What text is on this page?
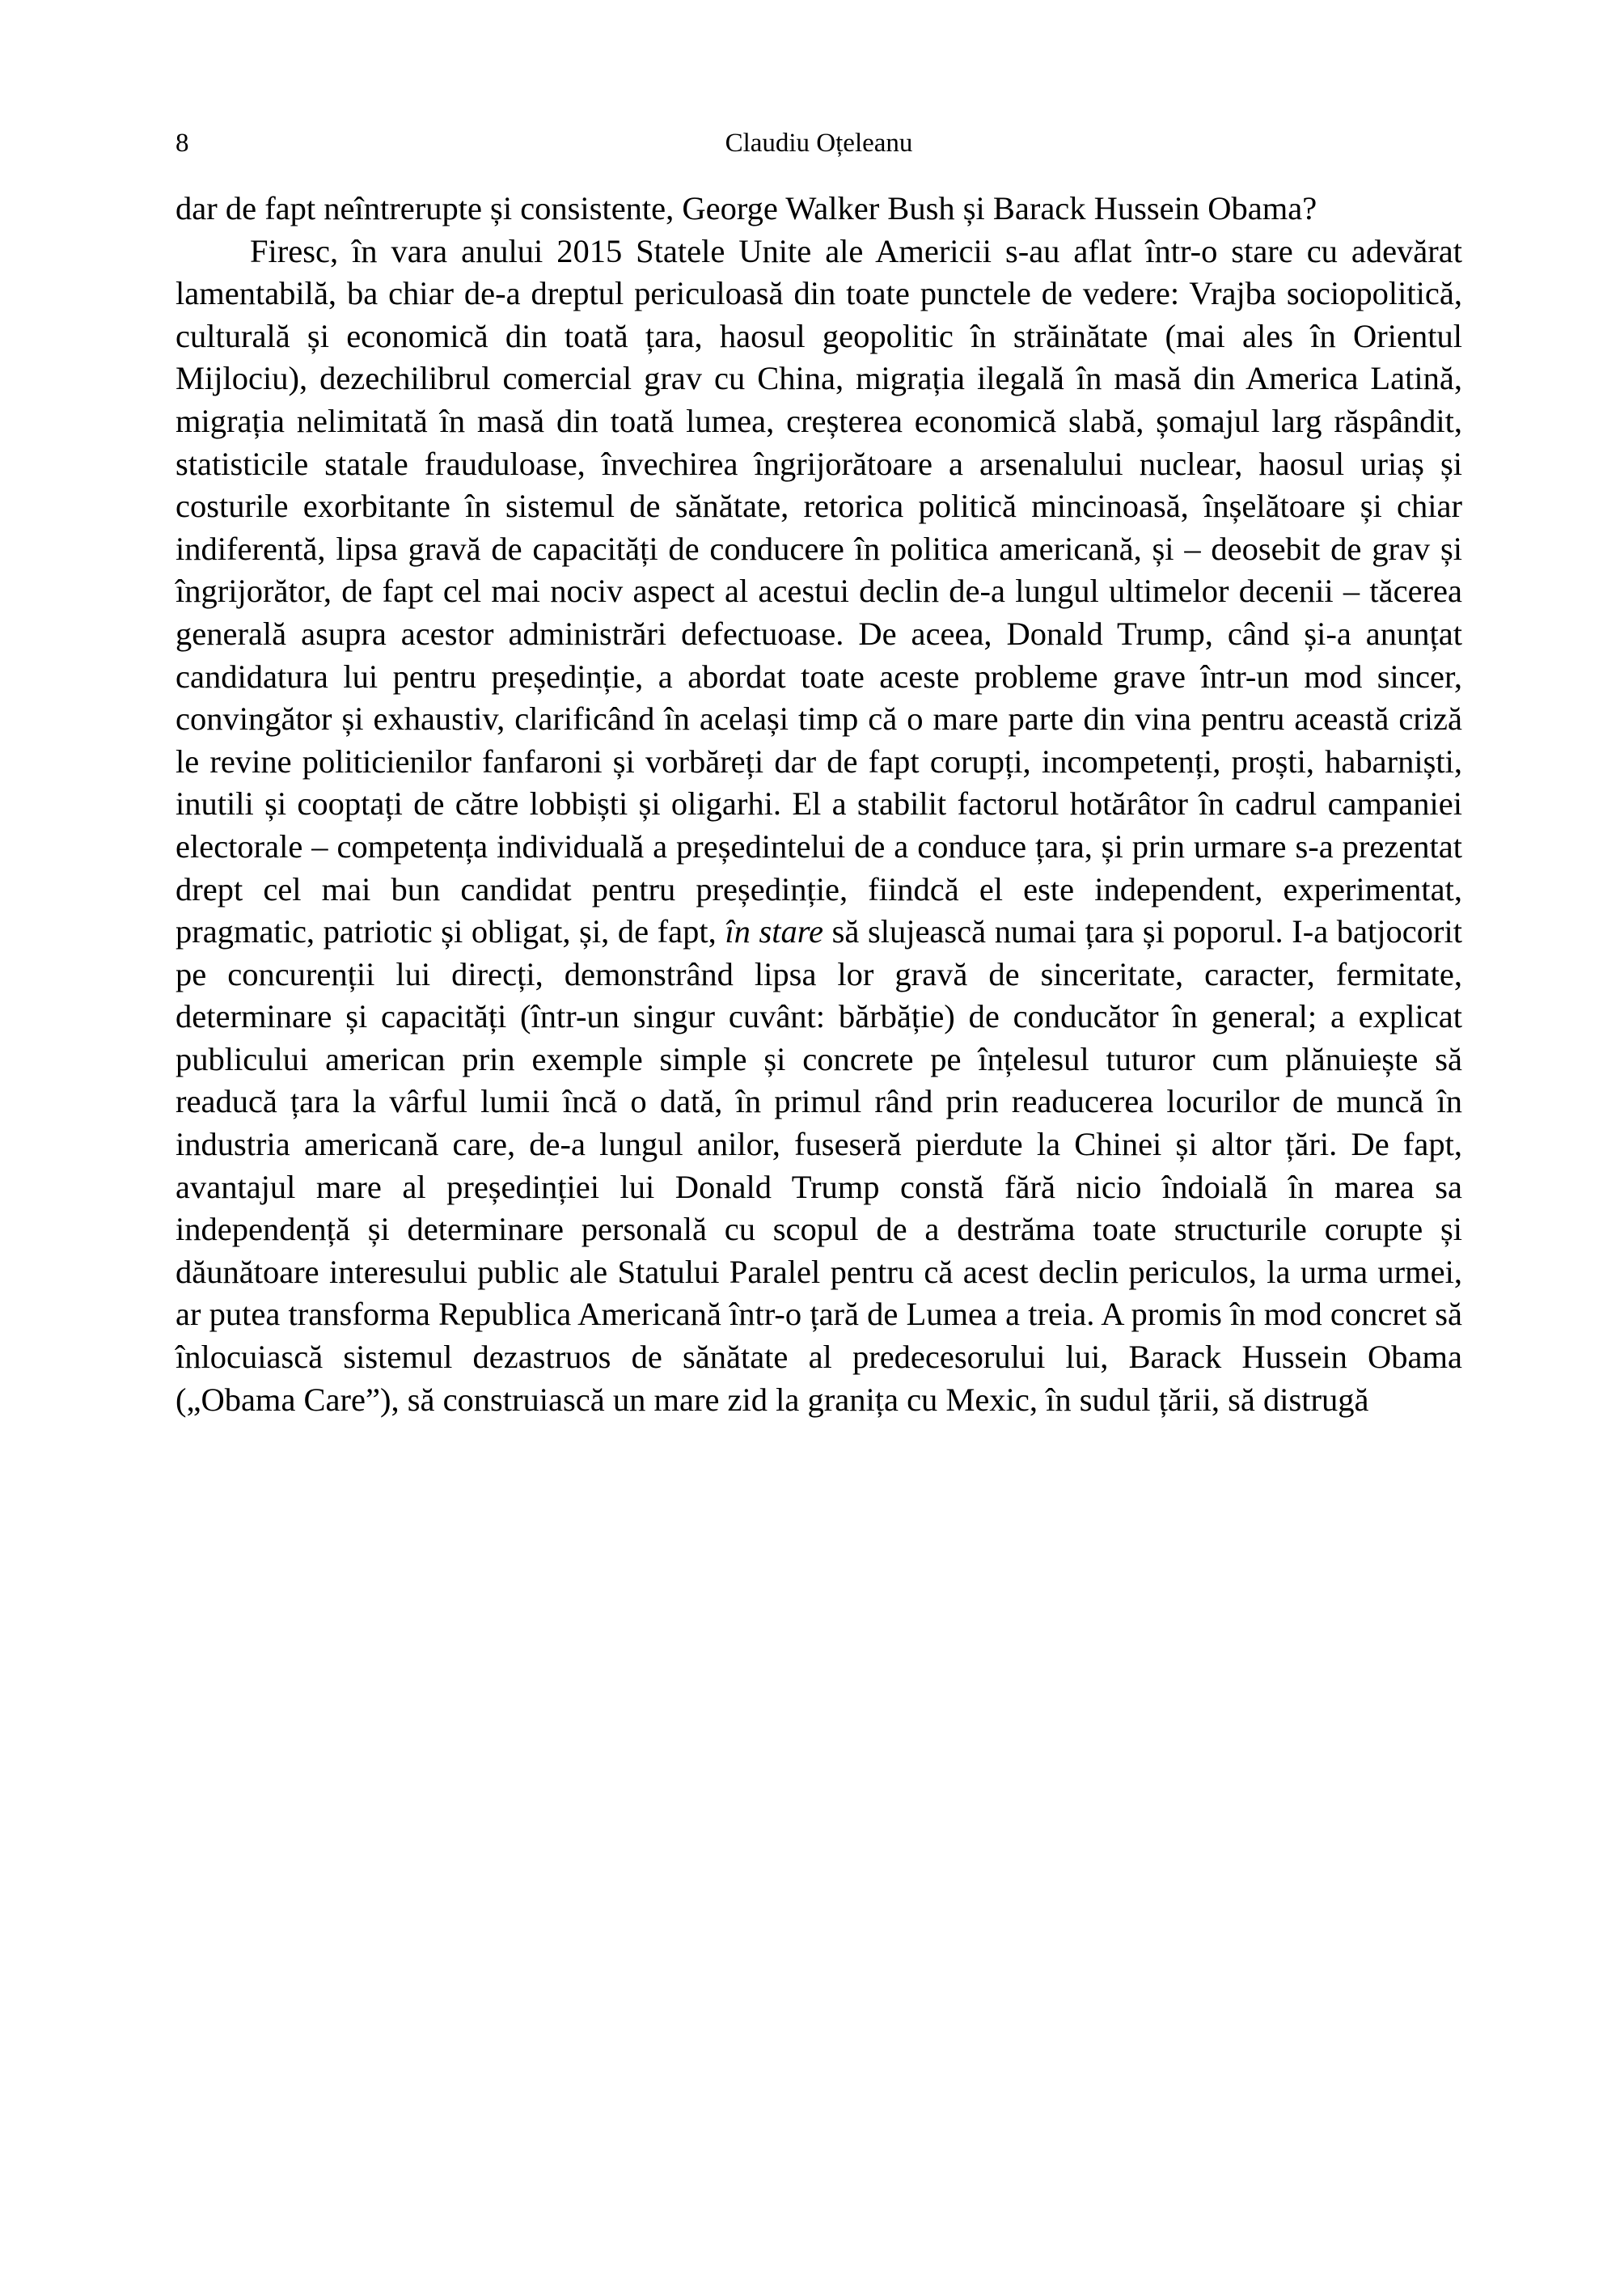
8	Claudiu Oțeleanu

dar de fapt neîntrerupte și consistente, George Walker Bush și Barack Hussein Obama?

Firesc, în vara anului 2015 Statele Unite ale Americii s-au aflat într-o stare cu adevărat lamentabilă, ba chiar de-a dreptul periculoasă din toate punctele de vedere: Vrajba sociopolitică, culturală și economică din toată țara, haosul geopolitic în străinătate (mai ales în Orientul Mijlociu), dezechilibrul comercial grav cu China, migrația ilegală în masă din America Latină, migrația nelimitată în masă din toată lumea, creșterea economică slabă, șomajul larg răspândit, statisticile statale frauduloase, învechirea îngrijorătoare a arsenalului nuclear, haosul uriaș și costurile exorbitante în sistemul de sănătate, retorica politică mincinoasă, înșelătoare și chiar indiferentă, lipsa gravă de capacități de conducere în politica americană, și – deosebit de grav și îngrijorător, de fapt cel mai nociv aspect al acestui declin de-a lungul ultimelor decenii – tăcerea generală asupra acestor administrări defectuoase. De aceea, Donald Trump, când și-a anunțat candidatura lui pentru președinție, a abordat toate aceste probleme grave într-un mod sincer, convingător și exhaustiv, clarificând în același timp că o mare parte din vina pentru această criză le revine politicienilor fanfaroni și vorbăreți dar de fapt corupți, incompetenți, proști, habarniști, inutili și cooptați de către lobbiști și oligarhi. El a stabilit factorul hotărâtor în cadrul campaniei electorale – competența individuală a președintelui de a conduce țara, și prin urmare s-a prezentat drept cel mai bun candidat pentru președinție, fiindcă el este independent, experimentat, pragmatic, patriotic și obligat, și, de fapt, în stare să slujească numai țara și poporul. I-a batjocorit pe concurenții lui direcți, demonstrând lipsa lor gravă de sinceritate, caracter, fermitate, determinare și capacități (într-un singur cuvânt: bărbăție) de conducător în general; a explicat publicului american prin exemple simple și concrete pe înțelesul tuturor cum plănuiește să readucă țara la vârful lumii încă o dată, în primul rând prin readucerea locurilor de muncă în industria americană care, de-a lungul anilor, fuseseră pierdute la Chinei și altor țări. De fapt, avantajul mare al președinției lui Donald Trump constă fără nicio îndoială în marea sa independență și determinare personală cu scopul de a destrăma toate structurile corupte și dăunătoare interesului public ale Statului Paralel pentru că acest declin periculos, la urma urmei, ar putea transforma Republica Americană într-o țară de Lumea a treia. A promis în mod concret să înlocuiască sistemul dezastruos de sănătate al predecesorului lui, Barack Hussein Obama („Obama Care”), să construiască un mare zid la granița cu Mexic, în sudul țării, să distrugă
